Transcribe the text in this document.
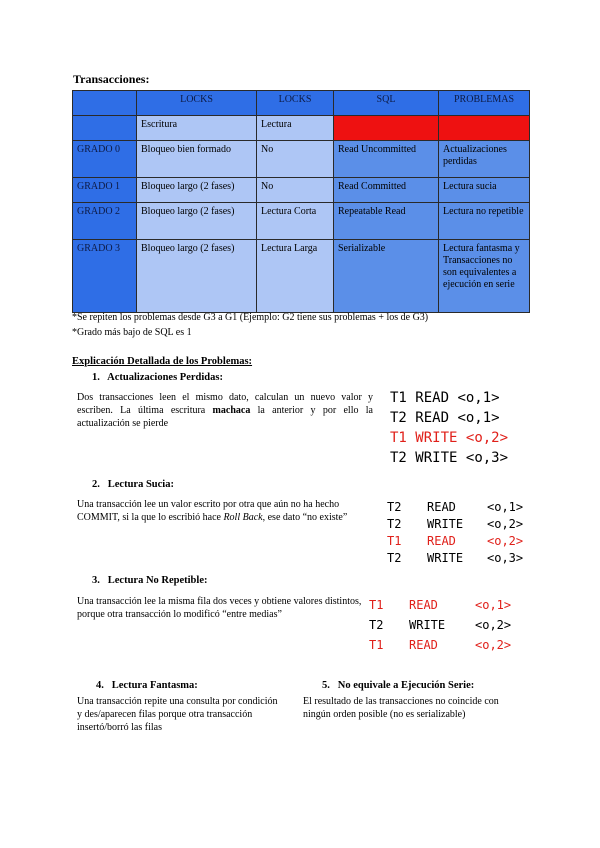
Transacciones:
	LOCKS	LOCKS	SQL	PROBLEMAS
	Escritura	Lectura		
GRADO 0	Bloqueo bien formado	No	Read Uncommitted	Actualizaciones perdidas
GRADO 1	Bloqueo largo (2 fases)	No	Read Committed	Lectura sucia
GRADO 2	Bloqueo largo (2 fases)	Lectura Corta	Repeatable Read	Lectura no repetible
GRADO 3	Bloqueo largo (2 fases)	Lectura Larga	Serializable	Lectura fantasma y Transacciones no son equivalentes a ejecución en serie
*Se repiten los problemas desde G3 a G1 (Ejemplo: G2 tiene sus problemas + los de G3)
*Grado más bajo de SQL es 1
Explicación Detallada de los Problemas:
1. Actualizaciones Perdidas:
Dos transacciones leen el mismo dato, calculan un nuevo valor y escriben. La última escritura machaca la anterior y por ello la actualización se pierde
T1 READ <o,1>
T2 READ <o,1>
T1 WRITE <o,2>
T2 WRITE <o,3>
2. Lectura Sucia:
Una transacción lee un valor escrito por otra que aún no ha hecho COMMIT, si la que lo escribió hace Roll Back, ese dato “no existe”
T2 READ	<o,1>
T2 WRITE <o,2>
T1 READ	<o,2>
T2 WRITE <o,3>
3. Lectura No Repetible:
Una transacción lee la misma fila dos veces y obtiene valores distintos, porque otra transacción lo modificó “entre medias”
T1 READ	<o,1>
T2 WRITE <o,2>
T1 READ	<o,2>
4. Lectura Fantasma:
Una transacción repite una consulta por condición y des/aparecen filas porque otra transacción insertó/borró las filas
5. No equivale a Ejecución Serie:
El resultado de las transacciones no coincide con ningún orden posible (no es serializable)
